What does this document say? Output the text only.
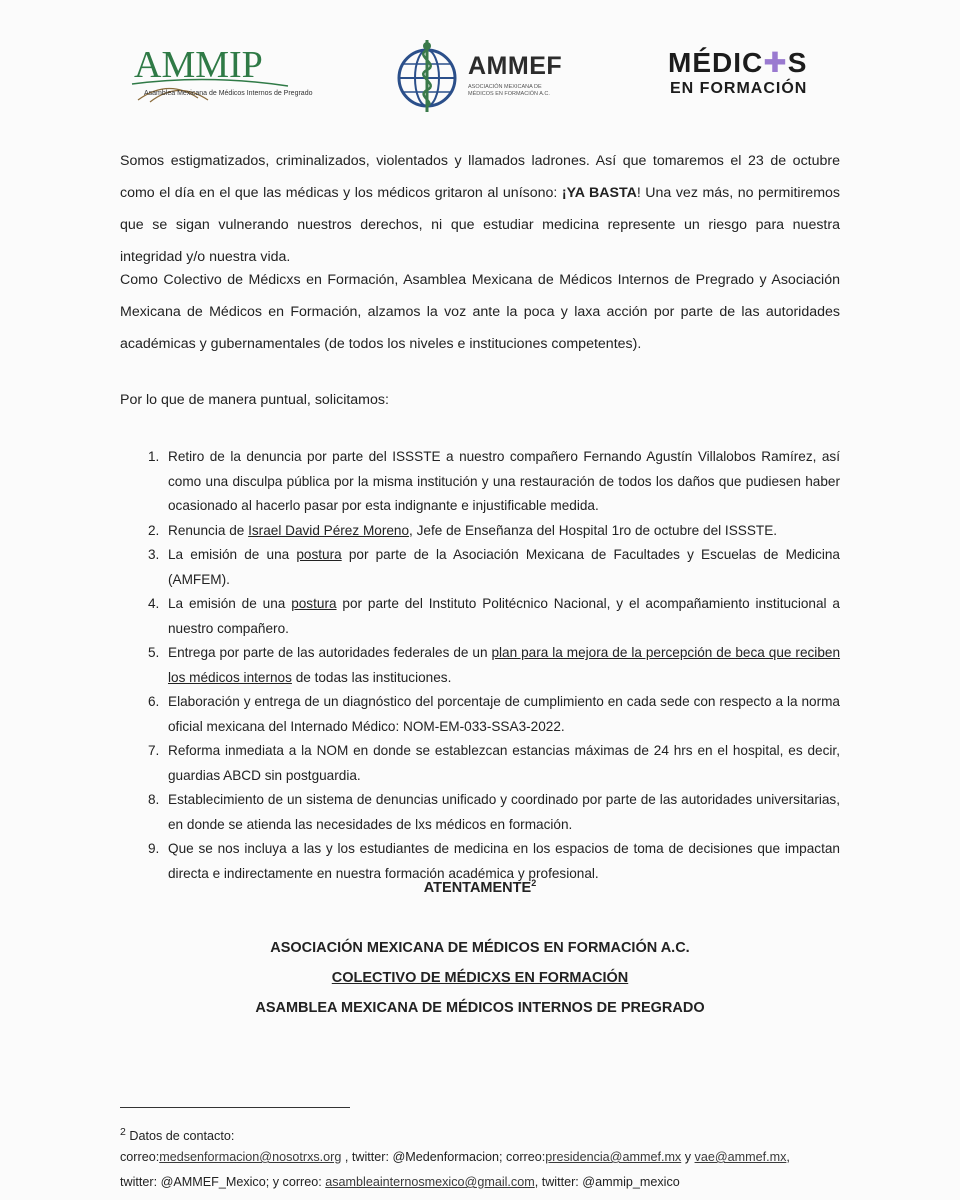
AMMIP
Asamblea Mexicana de Médicos Internos de Pregrado
AMMEF
ASOCIACIÓN MEXICANA DE MÉDICOS EN FORMACIÓN A.C.
MÉDIC✚S
EN FORMACIÓN
Somos estigmatizados, criminalizados, violentados y llamados ladrones. Así que tomaremos el 23 de octubre como el día en el que las médicas y los médicos gritaron al unísono: ¡YA BASTA! Una vez más, no permitiremos que se sigan vulnerando nuestros derechos, ni que estudiar medicina represente un riesgo para nuestra integridad y/o nuestra vida.
Como Colectivo de Médicxs en Formación, Asamblea Mexicana de Médicos Internos de Pregrado y Asociación Mexicana de Médicos en Formación, alzamos la voz ante la poca y laxa acción por parte de las autoridades académicas y gubernamentales (de todos los niveles e instituciones competentes).
Por lo que de manera puntual, solicitamos:
1. Retiro de la denuncia por parte del ISSSTE a nuestro compañero Fernando Agustín Villalobos Ramírez, así como una disculpa pública por la misma institución y una restauración de todos los daños que pudiesen haber ocasionado al hacerlo pasar por esta indignante e injustificable medida.
2. Renuncia de Israel David Pérez Moreno, Jefe de Enseñanza del Hospital 1ro de octubre del ISSSTE.
3. La emisión de una postura por parte de la Asociación Mexicana de Facultades y Escuelas de Medicina (AMFEM).
4. La emisión de una postura por parte del Instituto Politécnico Nacional, y el acompañamiento institucional a nuestro compañero.
5. Entrega por parte de las autoridades federales de un plan para la mejora de la percepción de beca que reciben los médicos internos de todas las instituciones.
6. Elaboración y entrega de un diagnóstico del porcentaje de cumplimiento en cada sede con respecto a la norma oficial mexicana del Internado Médico: NOM-EM-033-SSA3-2022.
7. Reforma inmediata a la NOM en donde se establezcan estancias máximas de 24 hrs en el hospital, es decir, guardias ABCD sin postguardia.
8. Establecimiento de un sistema de denuncias unificado y coordinado por parte de las autoridades universitarias, en donde se atienda las necesidades de lxs médicos en formación.
9. Que se nos incluya a las y los estudiantes de medicina en los espacios de toma de decisiones que impactan directa e indirectamente en nuestra formación académica y profesional.
ATENTAMENTE$^2$
ASOCIACIÓN MEXICANA DE MÉDICOS EN FORMACIÓN A.C.
COLECTIVO DE MÉDICXS EN FORMACIÓN
ASAMBLEA MEXICANA DE MÉDICOS INTERNOS DE PREGRADO
$^2$ Datos de contacto:
correo:medsenformacion@nosotrxs.org , twitter: @Medenformacion; correo:presidencia@ammef.mx y vae@ammef.mx,
twitter: @AMMEF_Mexico; y correo: asambleainternosmexico@gmail.com, twitter: @ammip_mexico
